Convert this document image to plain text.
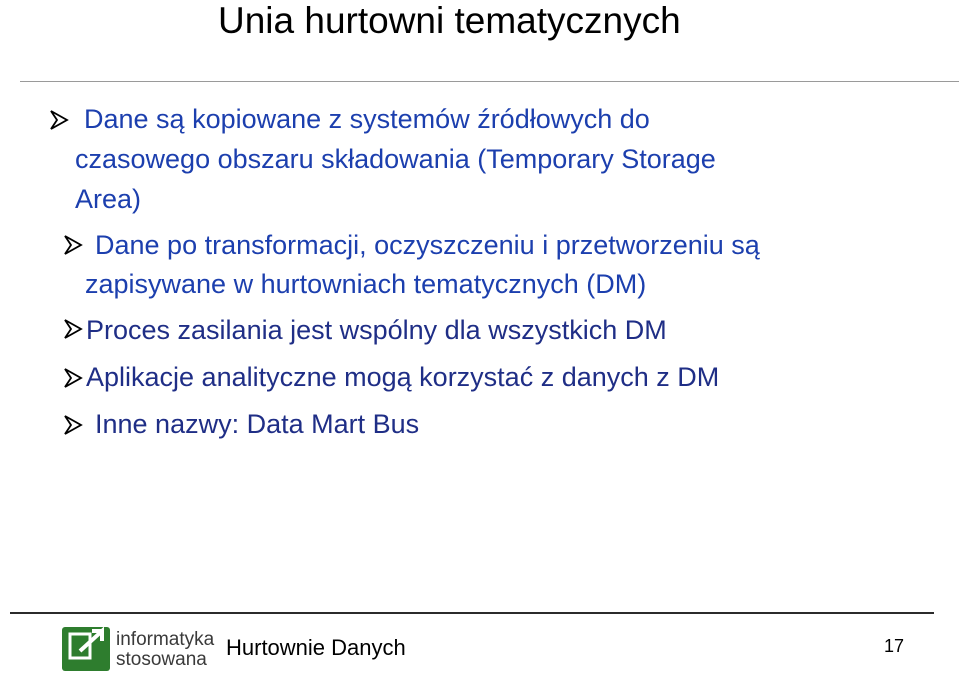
Unia hurtowni tematycznych
Dane są kopiowane z systemów źródłowych do
czasowego obszaru składowania (Temporary Storage
Area)
Dane po transformacji, oczyszczeniu i przetworzeniu są
zapisywane w hurtowniach tematycznych (DM)
Proces zasilania jest wspólny dla wszystkich DM
Aplikacje analityczne mogą korzystać z danych z DM
Inne nazwy: Data Mart Bus
informatyka
stosowana Hurtownie Danych	17
